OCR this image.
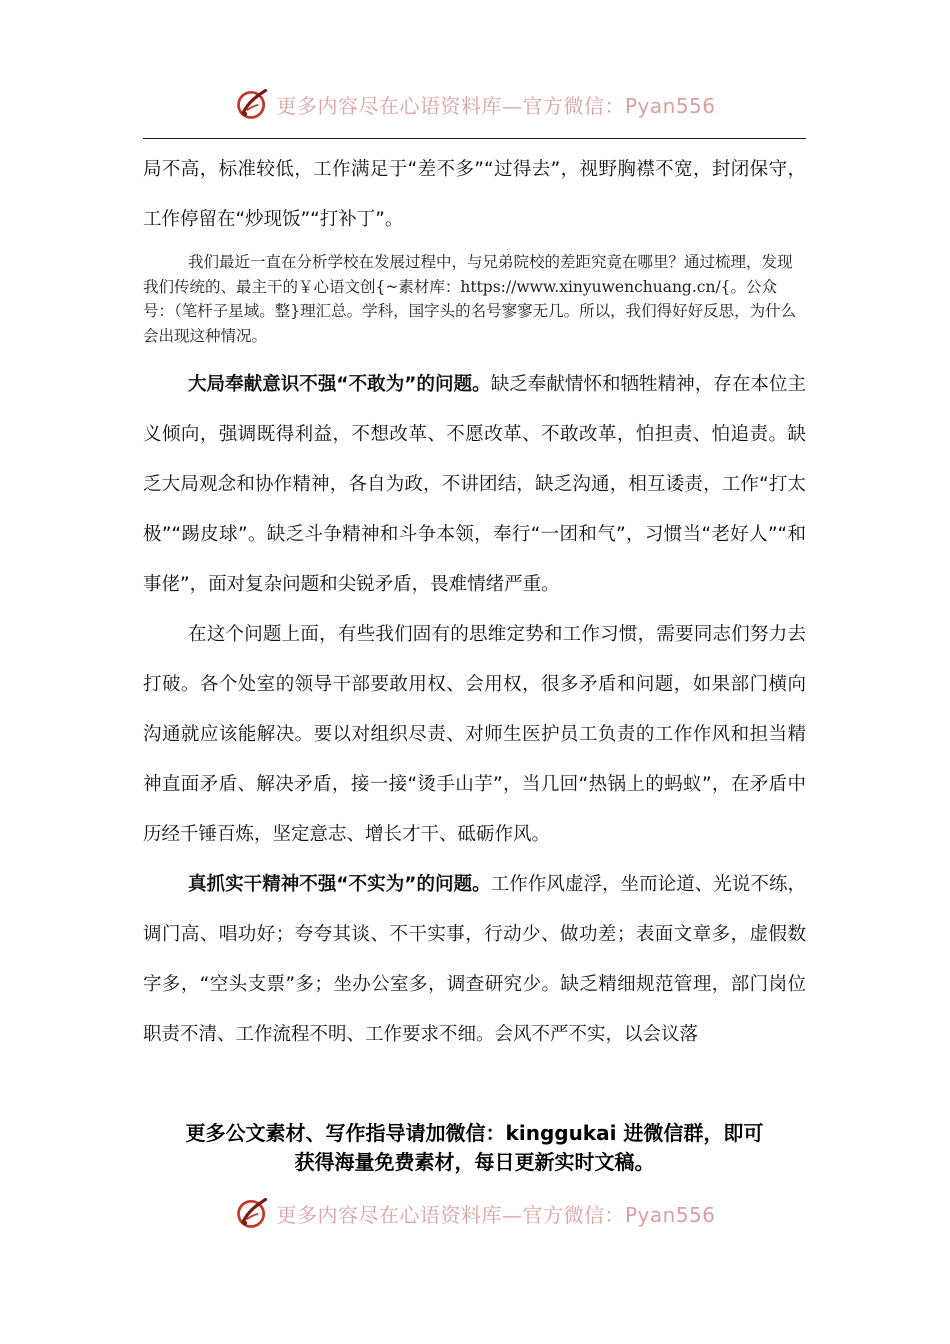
更多内容尽在心语资料库—官方微信：Pyan556

局不高，标准较低，工作满足于“差不多”“过得去”，视野胸襟不宽，封闭保守，工作停留在“炒现饭”“打补丁”。

我们最近一直在分析学校在发展过程中，与兄弟院校的差距究竟在哪里？通过梳理，发现我们传统的、最主干的￥心语文创{~素材库：https://www.xinyuwenchuang.cn/{。公众号：（笔杆子星域。整}理汇总。学科，国字头的名号寥寥无几。所以，我们得好好反思，为什么会出现这种情况。

大局奉献意识不强“不敢为”的问题。缺乏奉献情怀和牺牲精神，存在本位主义倾向，强调既得利益，不想改革、不愿改革、不敢改革，怕担责、怕追责。缺乏大局观念和协作精神，各自为政，不讲团结，缺乏沟通，相互诿责，工作“打太极”“踢皮球”。缺乏斗争精神和斗争本领，奉行“一团和气”，习惯当“老好人”“和事佬”，面对复杂问题和尖锐矛盾，畏难情绪严重。

在这个问题上面，有些我们固有的思维定势和工作习惯，需要同志们努力去打破。各个处室的领导干部要敢用权、会用权，很多矛盾和问题，如果部门横向沟通就应该能解决。要以对组织尽责、对师生医护员工负责的工作作风和担当精神直面矛盾、解决矛盾，接一接“烫手山芋”，当几回“热锅上的蚂蚁”，在矛盾中历经千锤百炼，坚定意志、增长才干、砥砺作风。

真抓实干精神不强“不实为”的问题。工作作风虚浮，坐而论道、光说不练，调门高、唱功好；夸夸其谈、不干实事，行动少、做功差；表面文章多，虚假数字多，“空头支票”多；坐办公室多，调查研究少。缺乏精细规范管理，部门岗位职责不清、工作流程不明、工作要求不细。会风不严不实，以会议落

更多公文素材、写作指导请加微信：kinggukai 进微信群，即可
获得海量免费素材，每日更新实时文稿。
更多内容尽在心语资料库—官方微信：Pyan556
